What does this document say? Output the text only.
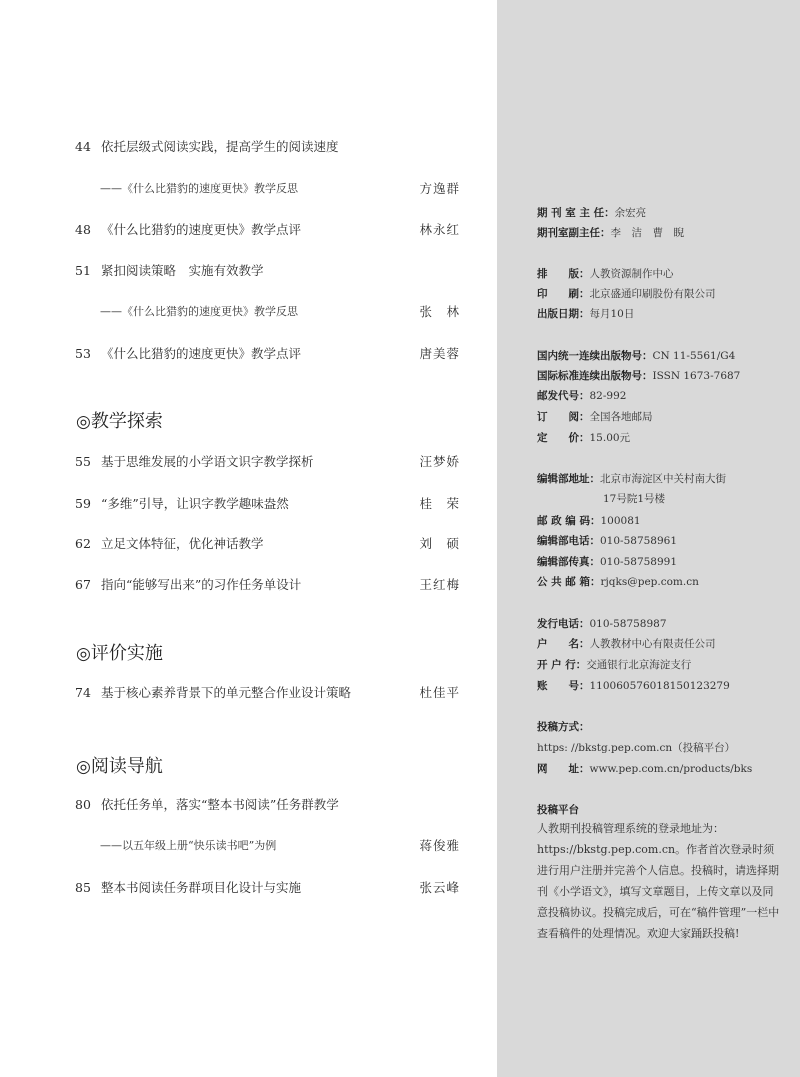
44 依托层级式阅读实践，提高学生的阅读速度
——《什么比猎豹的速度更快》教学反思	方逸群
48 《什么比猎豹的速度更快》教学点评	林永红
51 紧扣阅读策略　实施有效教学
——《什么比猎豹的速度更快》教学反思	张　林
53 《什么比猎豹的速度更快》教学点评	唐美蓉
◎教学探索
55 基于思维发展的小学语文识字教学探析	汪梦娇
59 “多维”引导，让识字教学趣味盎然	桂　荣
62 立足文体特征，优化神话教学	刘　硕
67 指向“能够写出来”的习作任务单设计	王红梅
◎评价实施
74 基于核心素养背景下的单元整合作业设计策略	杜佳平
◎阅读导航
80 依托任务单，落实“整本书阅读”任务群教学
——以五年级上册“快乐读书吧”为例	蒋俊雅
85 整本书阅读任务群项目化设计与实施	张云峰
期 刊 室 主 任：余宏亮
期刊室副主任：李　洁　曹　睨
排　　版：人教资源制作中心
印　　刷：北京盛通印刷股份有限公司
出版日期：每月10日
国内统一连续出版物号：CN 11-5561/G4
国际标准连续出版物号：ISSN 1673-7687
邮发代号：82-992
订　　阅：全国各地邮局
定　　价：15.00元
编辑部地址：北京市海淀区中关村南大街
17号院1号楼
邮 政 编 码：100081
编辑部电话：010-58758961
编辑部传真：010-58758991
公 共 邮 箱：rjqks@pep.com.cn
发行电话：010-58758987
户　　名：人教教材中心有限责任公司
开 户 行：交通银行北京海淀支行
账　　号：110060576018150123279
投稿方式：
https: //bkstg.pep.com.cn（投稿平台）
网　　址：www.pep.com.cn/products/bks
投稿平台
人教期刊投稿管理系统的登录地址为：https://bkstg.pep.com.cn。作者首次登录时须进行用户注册并完善个人信息。投稿时，请选择期刊《小学语文》，填写文章题目，上传文章以及同意投稿协议。投稿完成后，可在“稿件管理”一栏中查看稿件的处理情况。欢迎大家踊跃投稿!
